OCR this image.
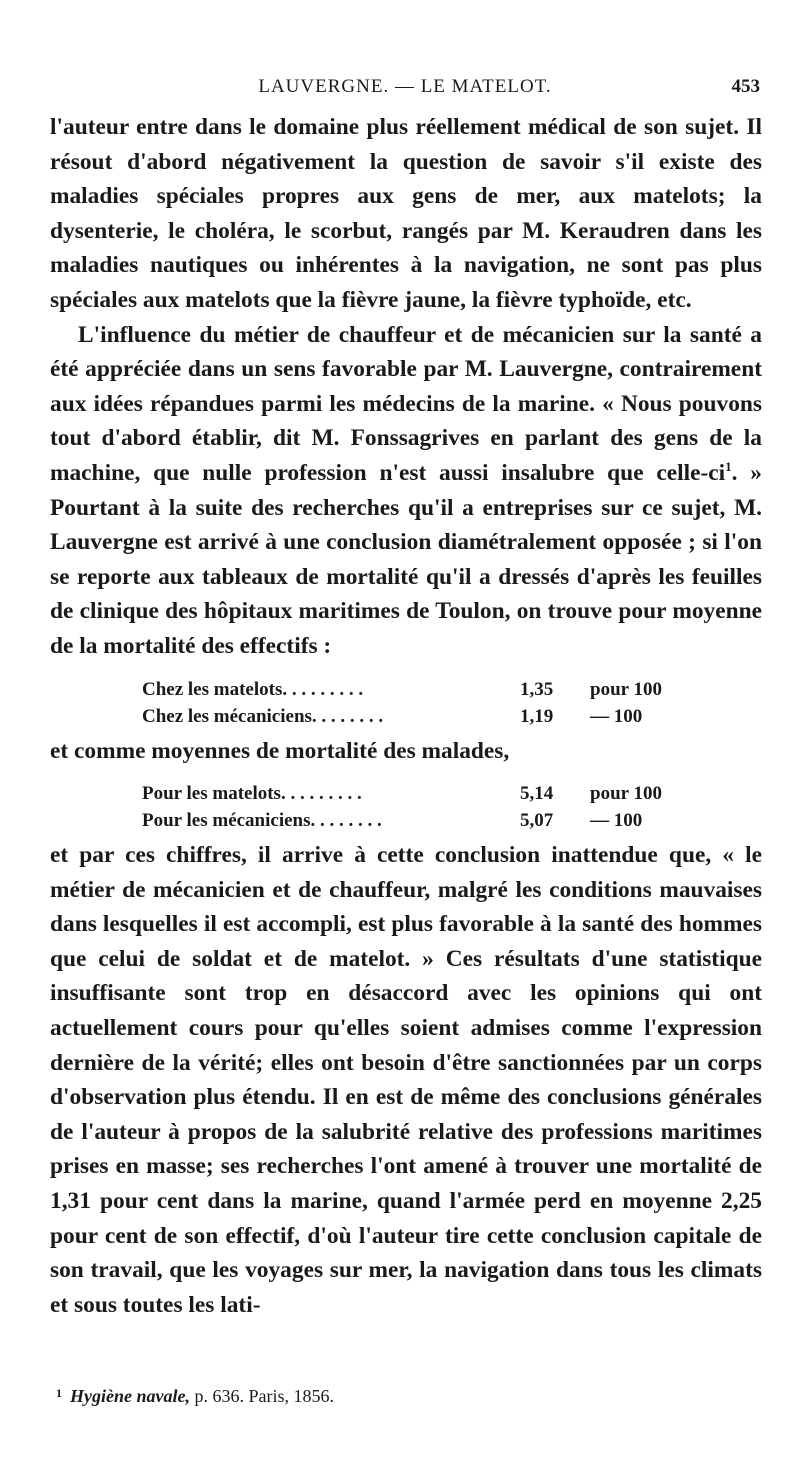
LAUVERGNE. — LE MATELOT.	453

l'auteur entre dans le domaine plus réellement médical de son sujet. Il résout d'abord négativement la question de savoir s'il existe des maladies spéciales propres aux gens de mer, aux matelots; la dysenterie, le choléra, le scorbut, rangés par M. Keraudren dans les maladies nautiques ou inhérentes à la navigation, ne sont pas plus spéciales aux matelots que la fièvre jaune, la fièvre typhoïde, etc.

L'influence du métier de chauffeur et de mécanicien sur la santé a été appréciée dans un sens favorable par M. Lauvergne, contrairement aux idées répandues parmi les médecins de la marine. « Nous pouvons tout d'abord établir, dit M. Fonssagrives en parlant des gens de la machine, que nulle profession n'est aussi insalubre que celle-$ci^1$. » Pourtant à la suite des recherches qu'il a entreprises sur ce sujet, M. Lauvergne est arrivé à une conclusion diamétralement opposée ; si l'on se reporte aux tableaux de mortalité qu'il a dressés d'après les feuilles de clinique des hôpitaux maritimes de Toulon, on trouve pour moyenne de la mortalité des effectifs :

Chez les matelots. . . . . . . . .	1,35	pour 100
Chez les mécaniciens. . . . . . . .	1,19	— 100

et comme moyennes de mortalité des malades,

Pour les matelots. . . . . . . . .	5,14	pour 100
Pour les mécaniciens. . . . . . . .	5,07	— 100

et par ces chiffres, il arrive à cette conclusion inattendue que, « le métier de mécanicien et de chauffeur, malgré les conditions mauvaises dans lesquelles il est accompli, est plus favorable à la santé des hommes que celui de soldat et de matelot. » Ces résultats d'une statistique insuffisante sont trop en désaccord avec les opinions qui ont actuellement cours pour qu'elles soient admises comme l'expression dernière de la vérité; elles ont besoin d'être sanctionnées par un corps d'observation plus étendu. Il en est de même des conclusions générales de l'auteur à propos de la salubrité relative des professions maritimes prises en masse; ses recherches l'ont amené à trouver une mortalité de 1,31 pour cent dans la marine, quand l'armée perd en moyenne 2,25 pour cent de son effectif, d'où l'auteur tire cette conclusion capitale de son travail, que les voyages sur mer, la navigation dans tous les climats et sous toutes les lati-

$^1$ Hygiène navale, p. 636. Paris, 1856.
